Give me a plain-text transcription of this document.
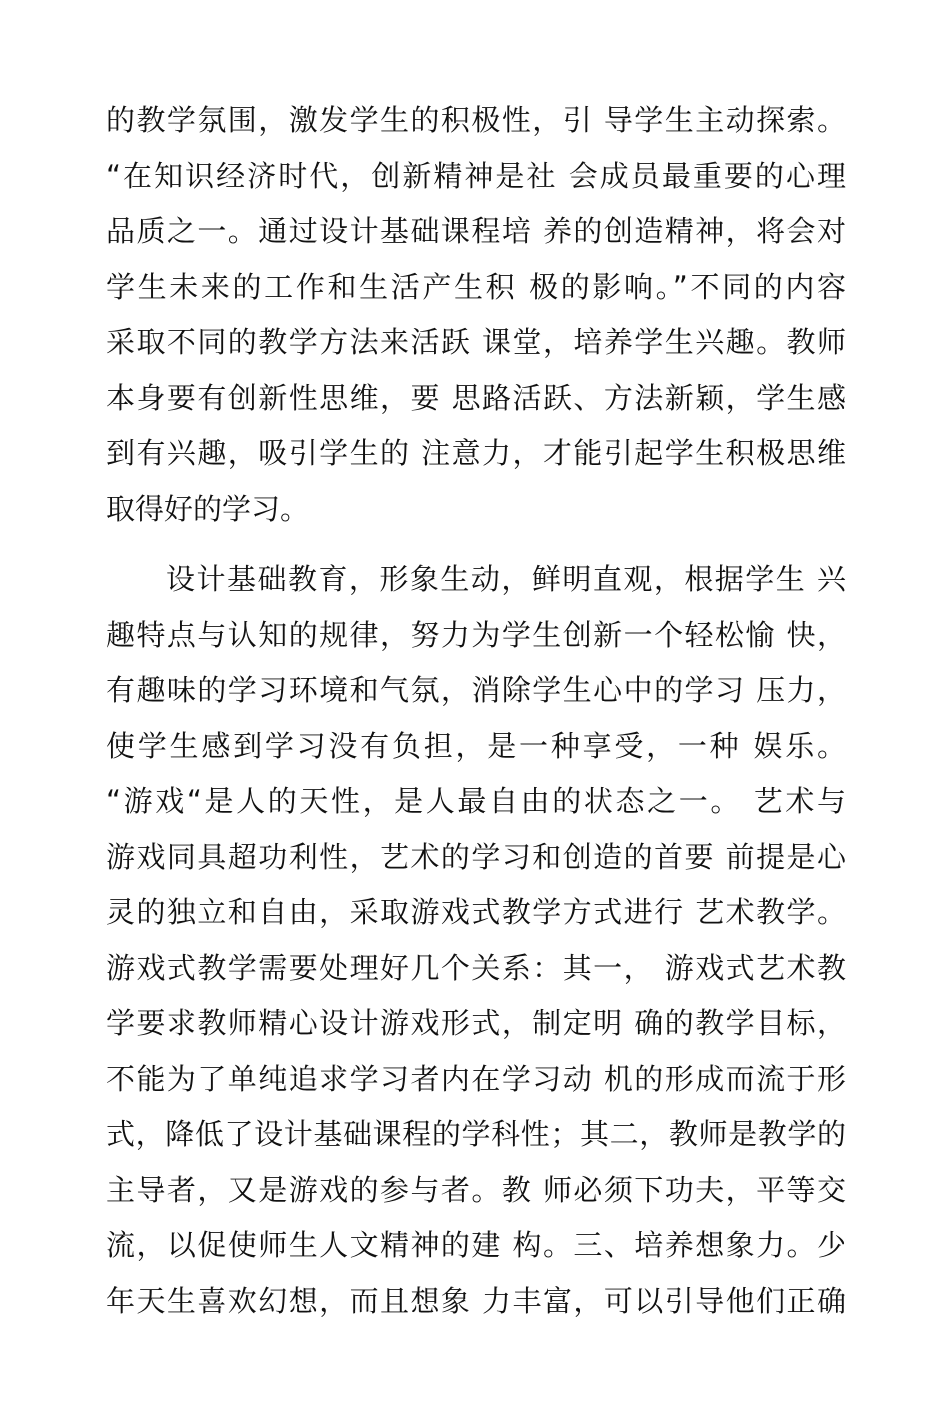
的教学氛围，激发学生的积极性，引 导学生主动探索。
“在知识经济时代，创新精神是社 会成员最重要的心理
品质之一。通过设计基础课程培 养的创造精神，将会对
学生未来的工作和生活产生积 极的影响。”不同的内容
采取不同的教学方法来活跃 课堂，培养学生兴趣。教师
本身要有创新性思维，要 思路活跃、方法新颖，学生感
到有兴趣，吸引学生的 注意力，才能引起学生积极思维
取得好的学习。
设计基础教育，形象生动，鲜明直观，根据学生 兴
趣特点与认知的规律，努力为学生创新一个轻松愉 快，
有趣味的学习环境和气氛，消除学生心中的学习 压力，
使学生感到学习没有负担，是一种享受，一种 娱乐。
“游戏“是人的天性，是人最自由的状态之一。 艺术与
游戏同具超功利性，艺术的学习和创造的首要 前提是心
灵的独立和自由，采取游戏式教学方式进行 艺术教学。
游戏式教学需要处理好几个关系：其一， 游戏式艺术教
学要求教师精心设计游戏形式，制定明 确的教学目标，
不能为了单纯追求学习者内在学习动 机的形成而流于形
式，降低了设计基础课程的学科性；其二，教师是教学的
主导者，又是游戏的参与者。教 师必须下功夫，平等交
流，以促使师生人文精神的建 构。三、培养想象力。少
年天生喜欢幻想，而且想象 力丰富，可以引导他们正确
